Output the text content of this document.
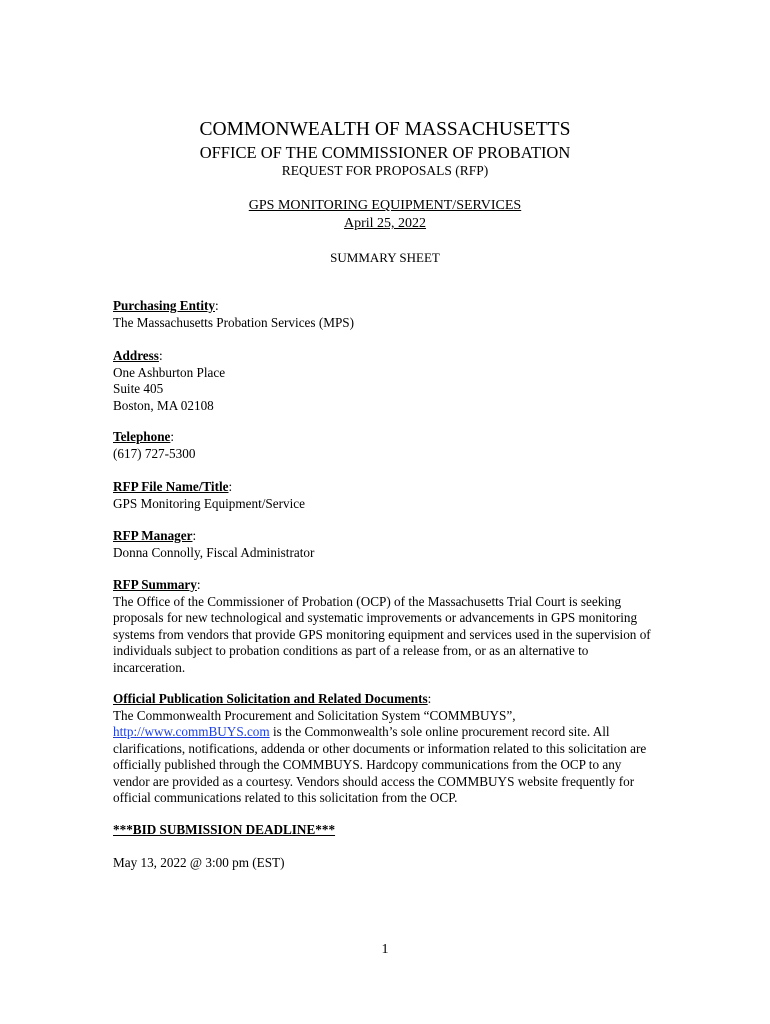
COMMONWEALTH OF MASSACHUSETTS
OFFICE OF THE COMMISSIONER OF PROBATION
REQUEST FOR PROPOSALS (RFP)
GPS MONITORING EQUIPMENT/SERVICES
April 25, 2022
SUMMARY SHEET
Purchasing Entity:
The Massachusetts Probation Services (MPS)
Address:
One Ashburton Place
Suite 405
Boston, MA 02108
Telephone:
(617) 727-5300
RFP File Name/Title:
GPS Monitoring Equipment/Service
RFP Manager:
Donna Connolly, Fiscal Administrator
RFP Summary:
The Office of the Commissioner of Probation (OCP) of the Massachusetts Trial Court is seeking proposals for new technological and systematic improvements or advancements in GPS monitoring systems from vendors that provide GPS monitoring equipment and services used in the supervision of individuals subject to probation conditions as part of a release from, or as an alternative to incarceration.
Official Publication Solicitation and Related Documents:
The Commonwealth Procurement and Solicitation System “COMMBUYS”,
http://www.commBUYS.com is the Commonwealth’s sole online procurement record site. All clarifications, notifications, addenda or other documents or information related to this solicitation are officially published through the COMMBUYS. Hardcopy communications from the OCP to any vendor are provided as a courtesy. Vendors should access the COMMBUYS website frequently for official communications related to this solicitation from the OCP.
***BID SUBMISSION DEADLINE***
May 13, 2022 @ 3:00 pm (EST)
1
